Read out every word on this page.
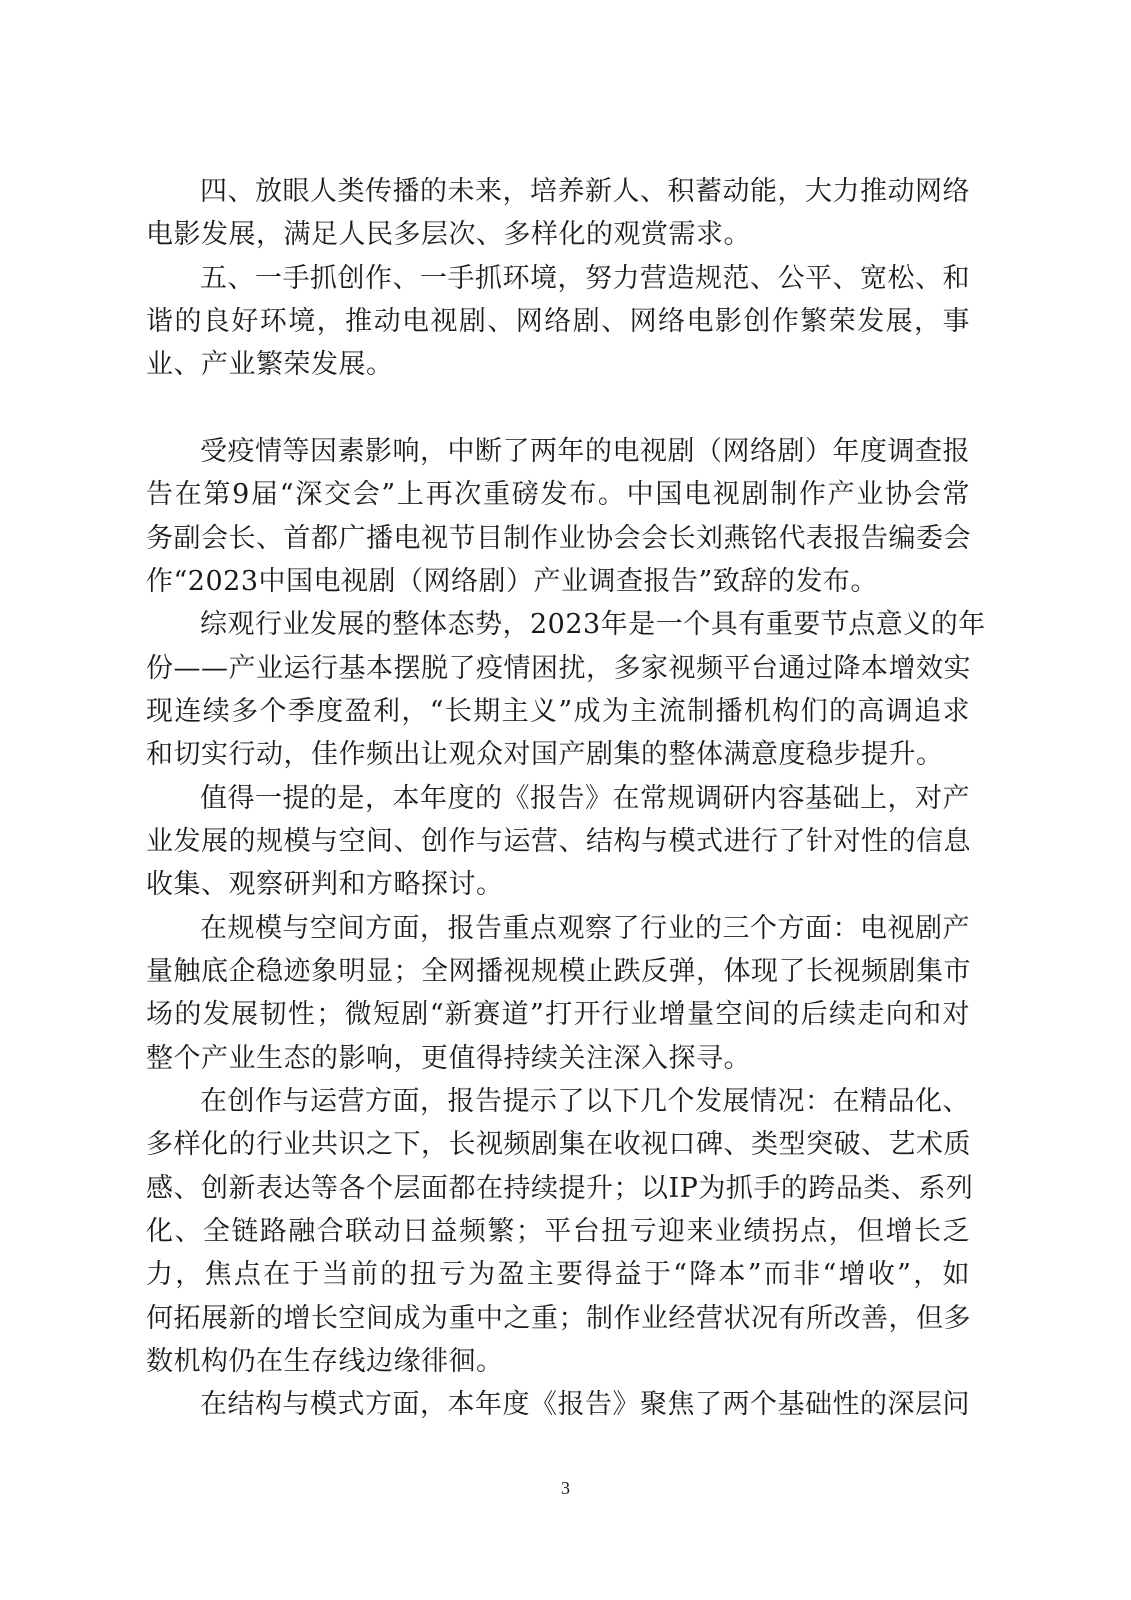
四、放眼人类传播的未来，培养新人、积蓄动能，大力推动网络
电影发展，满足人民多层次、多样化的观赏需求。
五、一手抓创作、一手抓环境，努力营造规范、公平、宽松、和
谐的良好环境，推动电视剧、网络剧、网络电影创作繁荣发展，事
业、产业繁荣发展。
受疫情等因素影响，中断了两年的电视剧（网络剧）年度调查报
告在第9届“深交会”上再次重磅发布。中国电视剧制作产业协会常
务副会长、首都广播电视节目制作业协会会长刘燕铭代表报告编委会
作“2023中国电视剧（网络剧）产业调查报告”致辞的发布。
综观行业发展的整体态势，2023年是一个具有重要节点意义的年
份——产业运行基本摆脱了疫情困扰，多家视频平台通过降本增效实
现连续多个季度盈利，“长期主义”成为主流制播机构们的高调追求
和切实行动，佳作频出让观众对国产剧集的整体满意度稳步提升。
值得一提的是，本年度的《报告》在常规调研内容基础上，对产
业发展的规模与空间、创作与运营、结构与模式进行了针对性的信息
收集、观察研判和方略探讨。
在规模与空间方面，报告重点观察了行业的三个方面：电视剧产
量触底企稳迹象明显；全网播视规模止跌反弹，体现了长视频剧集市
场的发展韧性；微短剧“新赛道”打开行业增量空间的后续走向和对
整个产业生态的影响，更值得持续关注深入探寻。
在创作与运营方面，报告提示了以下几个发展情况：在精品化、
多样化的行业共识之下，长视频剧集在收视口碑、类型突破、艺术质
感、创新表达等各个层面都在持续提升；以IP为抓手的跨品类、系列
化、全链路融合联动日益频繁；平台扭亏迎来业绩拐点，但增长乏
力，焦点在于当前的扭亏为盈主要得益于“降本”而非“增收”，如
何拓展新的增长空间成为重中之重；制作业经营状况有所改善，但多
数机构仍在生存线边缘徘徊。
在结构与模式方面，本年度《报告》聚焦了两个基础性的深层问
3
